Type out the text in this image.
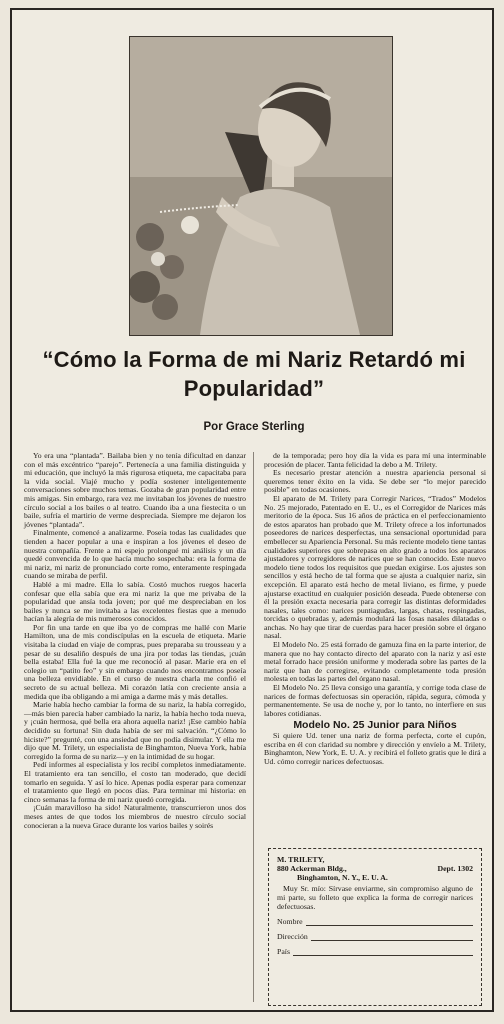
“Cómo la Forma de mi Nariz Retardó mi Popularidad”
Por Grace Sterling

Yo era una “plantada”. Bailaba bien y no tenía dificultad en danzar con el más excéntrico “parejo”. Pertenecía a una familia distinguida y mi educación, que incluyó la más rigurosa etiqueta, me capacitaba para la vida social. Viajé mucho y podía sostener inteligentemente conversaciones sobre muchos temas. Gozaba de gran popularidad entre mis amigas. Sin embargo, rara vez me invitaban los jóvenes de nuestro círculo social a los bailes o al teatro. Cuando iba a una fiestecita o un baile, sufría el martirio de verme despreciada. Siempre me dejaron los jóvenes “plantada”.

Finalmente, comencé a analizarme. Poseía todas las cualidades que tienden a hacer popular a una e inspiran a los jóvenes el deseo de nuestra compañía. Frente a mi espejo prolongué mi análisis y un día quedé convencida de lo que hacía mucho sospechaba: era la forma de mi nariz, mi nariz de pronunciado corte romo, enteramente respingada cuando se miraba de perfil.

Hablé a mi madre. Ella lo sabía. Costó muchos ruegos hacerla confesar que ella sabía que era mi nariz la que me privaba de la popularidad que ansía toda joven; por qué me despreciaban en los bailes y nunca se me invitaba a las excelentes fiestas que a menudo hacían la alegría de mis numerosos conocidos.

Por fin una tarde en que iba yo de compras me hallé con Marie Hamilton, una de mis condiscípulas en la escuela de etiqueta. Marie visitaba la ciudad en viaje de compras, pues preparaba su trousseau y a pesar de su desaliño después de una jira por todas las tiendas, ¡cuán bella estaba! Ella fué la que me reconoció al pasar. Marie era en el colegio un “patito feo” y sin embargo cuando nos encontramos poseía una belleza envidiable. En el curso de nuestra charla me confió el secreto de su actual belleza. Mi corazón latía con creciente ansia a medida que iba obligando a mi amiga a darme más y más detalles.

Marie había hecho cambiar la forma de su nariz, la había corregido,—más bien parecía haber cambiado la nariz, la había hecho toda nueva, y ¡cuán hermosa, qué bella era ahora aquella nariz! ¡Ese cambio había decidido su fortuna! Sin duda había de ser mi salvación. “¿Cómo lo hiciste?” pregunté, con una ansiedad que no podía disimular. Y ella me dijo que M. Trilety, un especialista de Binghamton, Nueva York, había corregido la forma de su nariz—y en la intimidad de su hogar.

Pedí informes al especialista y los recibí completos inmediatamente. El tratamiento era tan sencillo, el costo tan moderado, que decidí tomarlo en seguida. Y así lo hice. Apenas podía esperar para comenzar el tratamiento que llegó en pocos días. Para terminar mi historia: en cinco semanas la forma de mi nariz quedó corregida.

¡Cuán maravilloso ha sido! Naturalmente, transcurrieron unos dos meses antes de que todos los miembros de nuestro círculo social conocieran a la nueva Grace durante los varios bailes y soirés

de la temporada; pero hoy día la vida es para mí una interminable procesión de placer. Tanta felicidad la debo a M. Trilety.

Es necesario prestar atención a nuestra apariencia personal si queremos tener éxito en la vida. Se debe ser “lo mejor parecido posible” en todas ocasiones.

El aparato de M. Trilety para Corregir Narices, “Trados” Modelos No. 25 mejorado, Patentado en E. U., es el Corregidor de Narices más meritorio de la época. Sus 16 años de práctica en el perfeccionamiento de estos aparatos han probado que M. Trilety ofrece a los infortunados poseedores de narices desperfectas, una sensacional oportunidad para embellecer su Apariencia Personal. Su más reciente modelo tiene tantas cualidades superiores que sobrepasa en alto grado a todos los aparatos ajustadores y corregidores de narices que se han conocido. Este nuevo modelo tiene todos los requisitos que puedan exigirse. Los ajustes son sencillos y está hecho de tal forma que se ajusta a cualquier nariz, sin excepción. El aparato está hecho de metal liviano, es firme, y puede ajustarse exactitud en cualquier posición deseada. Puede obtenerse con él la presión exacta necesaria para corregir las distintas deformidades nasales, tales como: narices puntiagudas, largas, chatas, respingadas, torcidas o quebradas y, además modulará las fosas nasales dilatadas o anchas. No hay que tirar de cuerdas para hacer presión sobre el órgano nasal.

El Modelo No. 25 está forrado de gamuza fina en la parte interior, de manera que no hay contacto directo del aparato con la nariz y así este metal forrado hace presión uniforme y moderada sobre las partes de la nariz que han de corregirse, evitando completamente toda presión molesta en todas las partes del órgano nasal.

El Modelo No. 25 lleva consigo una garantía, y corrige toda clase de narices de formas defectuosas sin operación, rápida, segura, cómoda y permanentemente. Se usa de noche y, por lo tanto, no interfiere en sus labores cotidianas.

Modelo No. 25 Junior para Niños

Si quiere Ud. tener una nariz de forma perfecta, corte el cupón, escriba en él con claridad su nombre y dirección y envíelo a M. Trilety, Binghamton, New York, E. U. A. y recibirá el folleto gratis que le dirá a Ud. cómo corregir narices defectuosas.

M. TRILETY,
880 Ackerman Bldg.,	Dept. 1302
Binghamton, N. Y., E. U. A.
Muy Sr. mío: Sírvase enviarme, sin compromiso alguno de mi parte, su folleto que explica la forma de corregir narices defectuosas.
Nombre
Dirección
País
